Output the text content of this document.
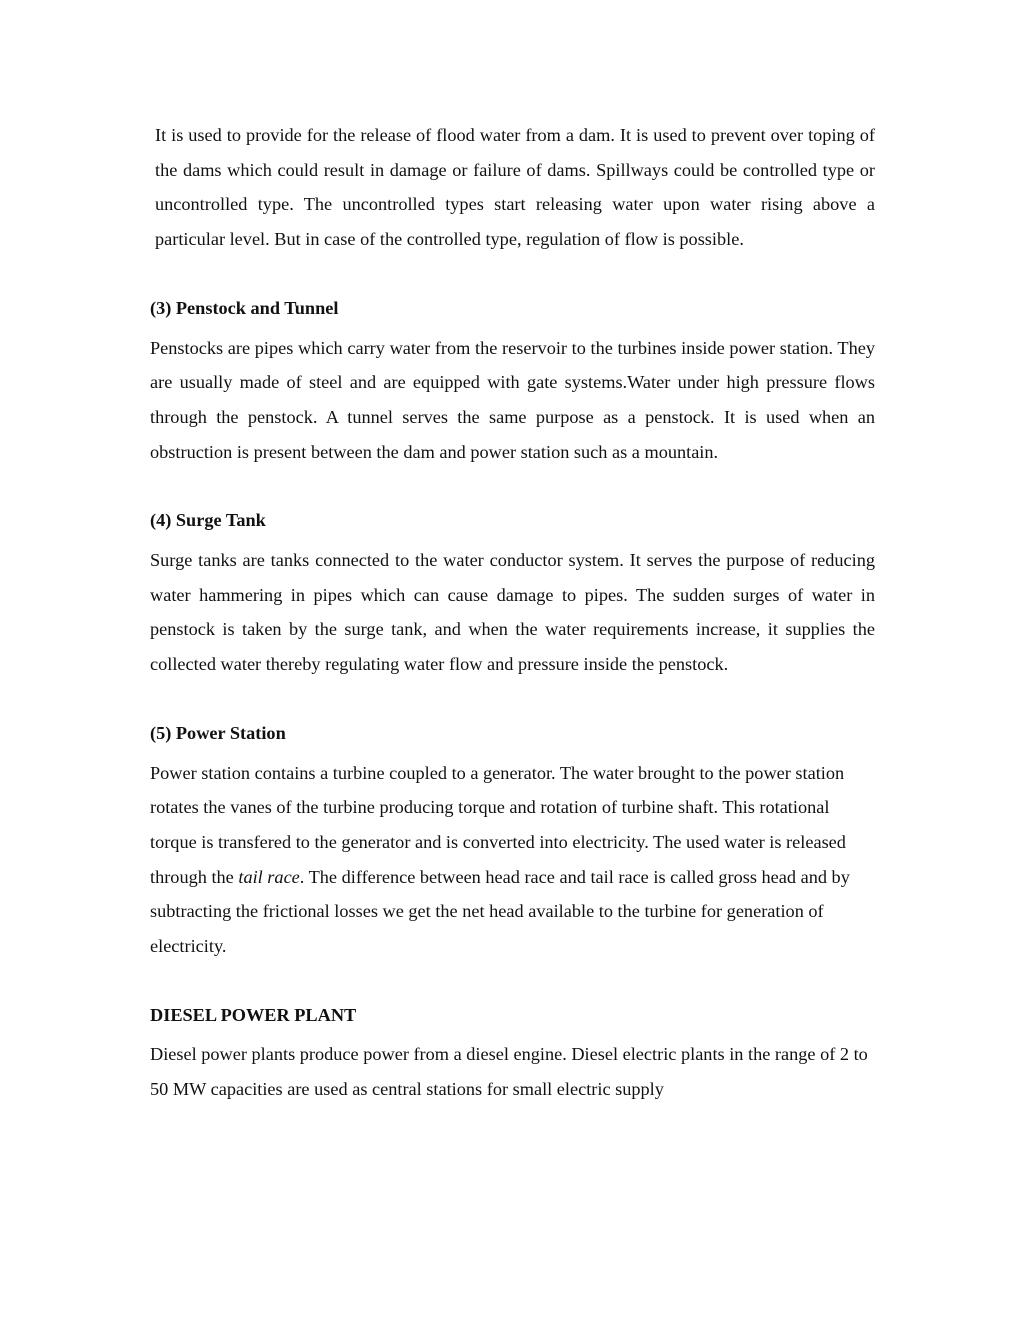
It is used to provide for the release of flood water from a dam. It is used to prevent over toping of the dams which could result in damage or failure of dams. Spillways could be controlled type or uncontrolled type. The uncontrolled types start releasing water upon water rising above a particular level. But in case of the controlled type, regulation of flow is possible.

(3) Penstock and Tunnel

Penstocks are pipes which carry water from the reservoir to the turbines inside power station. They are usually made of steel and are equipped with gate systems.Water under high pressure flows through the penstock. A tunnel serves the same purpose as a penstock. It is used when an obstruction is present between the dam and power station such as a mountain.

(4) Surge Tank

Surge tanks are tanks connected to the water conductor system. It serves the purpose of reducing water hammering in pipes which can cause damage to pipes. The sudden surges of water in penstock is taken by the surge tank, and when the water requirements increase, it supplies the collected water thereby regulating water flow and pressure inside the penstock.

(5) Power Station

Power station contains a turbine coupled to a generator. The water brought to the power station rotates the vanes of the turbine producing torque and rotation of turbine shaft. This rotational torque is transfered to the generator and is converted into electricity. The used water is released through the tail race. The difference between head race and tail race is called gross head and by subtracting the frictional losses we get the net head available to the turbine for generation of electricity.

DIESEL POWER PLANT

Diesel power plants produce power from a diesel engine. Diesel electric plants in the range of 2 to 50 MW capacities are used as central stations for small electric supply
